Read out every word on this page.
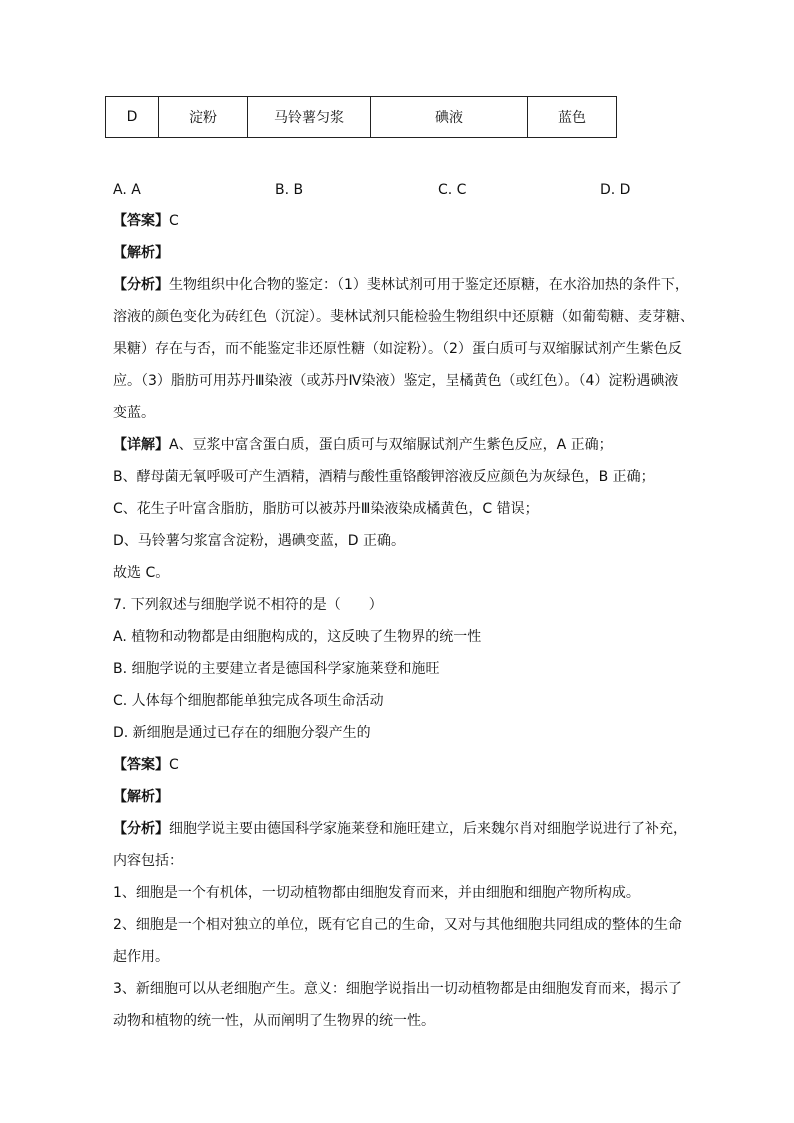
D	淀粉	马铃薯匀浆	碘液	蓝色
A. A	B. B	C. C	D. D
【答案】C
【解析】
【分析】生物组织中化合物的鉴定：（1）斐林试剂可用于鉴定还原糖，在水浴加热的条件下，
溶液的颜色变化为砖红色（沉淀）。斐林试剂只能检验生物组织中还原糖（如葡萄糖、麦芽糖、
果糖）存在与否，而不能鉴定非还原性糖（如淀粉）。（2）蛋白质可与双缩脲试剂产生紫色反
应。（3）脂肪可用苏丹Ⅲ染液（或苏丹Ⅳ染液）鉴定，呈橘黄色（或红色）。（4）淀粉遇碘液
变蓝。
【详解】A、豆浆中富含蛋白质，蛋白质可与双缩脲试剂产生紫色反应，A 正确；
B、酵母菌无氧呼吸可产生酒精，酒精与酸性重铬酸钾溶液反应颜色为灰绿色，B 正确；
C、花生子叶富含脂肪，脂肪可以被苏丹Ⅲ染液染成橘黄色，C 错误；
D、马铃薯匀浆富含淀粉，遇碘变蓝，D 正确。
故选 C。
7. 下列叙述与细胞学说不相符的是（　　）
A. 植物和动物都是由细胞构成的，这反映了生物界的统一性
B. 细胞学说的主要建立者是德国科学家施莱登和施旺
C. 人体每个细胞都能单独完成各项生命活动
D. 新细胞是通过已存在的细胞分裂产生的
【答案】C
【解析】
【分析】细胞学说主要由德国科学家施莱登和施旺建立，后来魏尔肖对细胞学说进行了补充，
内容包括：
1、细胞是一个有机体，一切动植物都由细胞发育而来，并由细胞和细胞产物所构成。
2、细胞是一个相对独立的单位，既有它自己的生命，又对与其他细胞共同组成的整体的生命
起作用。
3、新细胞可以从老细胞产生。意义：细胞学说指出一切动植物都是由细胞发育而来，揭示了
动物和植物的统一性，从而阐明了生物界的统一性。
